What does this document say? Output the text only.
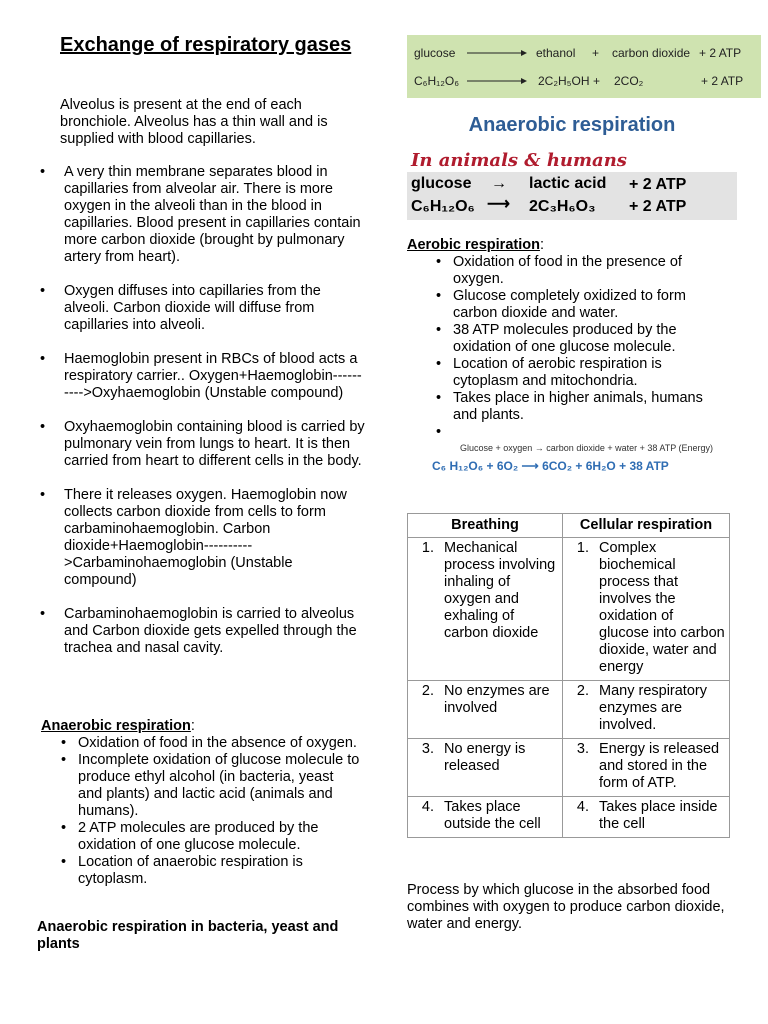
Exchange of respiratory gases

Alveolus is present at the end of each bronchiole. Alveolus has a thin wall and is supplied with blood capillaries.

• A very thin membrane separates blood in capillaries from alveolar air. There is more oxygen in the alveoli than in the blood in capillaries. Blood present in capillaries contain more carbon dioxide (brought by pulmonary artery from heart).
• Oxygen diffuses into capillaries from the alveoli. Carbon dioxide will diffuse from capillaries into alveoli.
• Haemoglobin present in RBCs of blood acts a respiratory carrier.. Oxygen+Haemoglobin---------->Oxyhaemoglobin (Unstable compound)
• Oxyhaemoglobin containing blood is carried by pulmonary vein from lungs to heart. It is then carried from heart to different cells in the body.
• There it releases oxygen. Haemoglobin now collects carbon dioxide from cells to form carbaminohaemoglobin. Carbon dioxide+Haemoglobin---------->Carbaminohaemoglobin (Unstable compound)
• Carbaminohaemoglobin is carried to alveolus and Carbon dioxide gets expelled through the trachea and nasal cavity.
Anaerobic respiration:
• Oxidation of food in the absence of oxygen.
• Incomplete oxidation of glucose molecule to produce ethyl alcohol (in bacteria, yeast and plants) and lactic acid (animals and humans).
• 2 ATP molecules are produced by the oxidation of one glucose molecule.
• Location of anaerobic respiration is cytoplasm.
Anaerobic respiration in bacteria, yeast and plants
glucose	ethanol + carbon dioxide + 2 ATP
C₆H₁₂O₆	2C₂H₅OH + 2CO₂	+ 2 ATP
Anaerobic respiration
In animals & humans
glucose → lactic acid + 2 ATP
C₆H₁₂O₆ ⟶ 2C₃H₆O₃ + 2 ATP
Aerobic respiration:
• Oxidation of food in the presence of oxygen.
• Glucose completely oxidized to form carbon dioxide and water.
• 38 ATP molecules produced by the oxidation of one glucose molecule.
• Location of aerobic respiration is cytoplasm and mitochondria.
• Takes place in higher animals, humans and plants.
•
Glucose + oxygen → carbon dioxide + water + 38 ATP (Energy)
C₆ H₁₂O₆ + 6O₂ ⟶ 6CO₂ + 6H₂O + 38 ATP
Breathing	Cellular respiration

1. Mechanical process involving inhaling of oxygen and exhaling of carbon dioxide	1. Complex biochemical process that involves the oxidation of glucose into carbon dioxide, water and energy

2. No enzymes are involved	2. Many respiratory enzymes are involved.

3. No energy is released	3. Energy is released and stored in the form of ATP.

4. Takes place outside the cell	4. Takes place inside the cell

Process by which glucose in the absorbed food combines with oxygen to produce carbon dioxide, water and energy.
